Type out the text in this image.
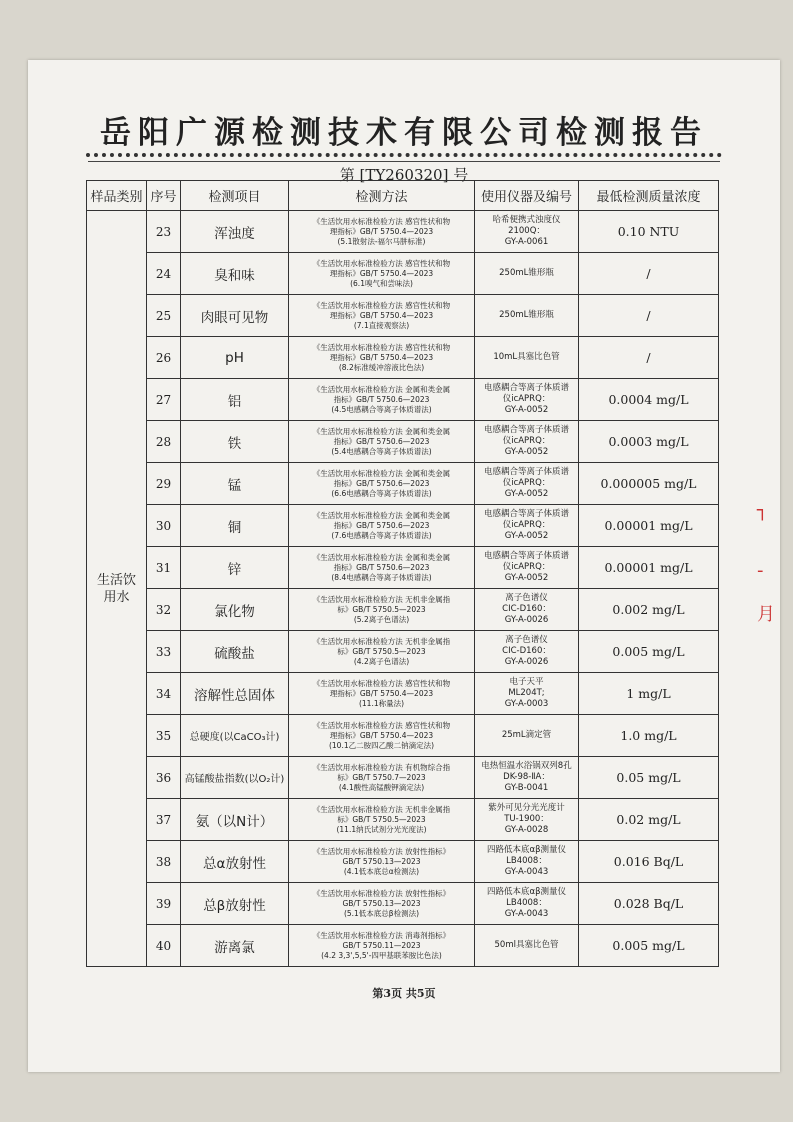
岳阳广源检测技术有限公司检测报告
第 [TY260320] 号
样品类别	序号	检测项目	检测方法	使用仪器及编号	最低检测质量浓度
生活饮用水	23	浑浊度	《生活饮用水标准检验方法 感官性状和物
理指标》GB/T 5750.4—2023
(5.1散射法-福尔马肼标准)	哈希便携式浊度仪
2100Q：
GY-A-0061	0.10 NTU
	24	臭和味	《生活饮用水标准检验方法 感官性状和物
理指标》GB/T 5750.4—2023
(6.1嗅气和尝味法)	250mL锥形瓶	/
	25	肉眼可见物	《生活饮用水标准检验方法 感官性状和物
理指标》GB/T 5750.4—2023
(7.1直接观察法)	250mL锥形瓶	/
	26	pH	《生活饮用水标准检验方法 感官性状和物
理指标》GB/T 5750.4—2023
(8.2标准缓冲溶液比色法)	10mL具塞比色管	/
	27	铝	《生活饮用水标准检验方法 金属和类金属
指标》GB/T 5750.6—2023
(4.5电感耦合等离子体质谱法)	电感耦合等离子体质谱
仪icAPRQ：
GY-A-0052	0.0004 mg/L
	28	铁	《生活饮用水标准检验方法 金属和类金属
指标》GB/T 5750.6—2023
(5.4电感耦合等离子体质谱法)	电感耦合等离子体质谱
仪icAPRQ：
GY-A-0052	0.0003 mg/L
	29	锰	《生活饮用水标准检验方法 金属和类金属
指标》GB/T 5750.6—2023
(6.6电感耦合等离子体质谱法)	电感耦合等离子体质谱
仪icAPRQ：
GY-A-0052	0.000005 mg/L
	30	铜	《生活饮用水标准检验方法 金属和类金属
指标》GB/T 5750.6—2023
(7.6电感耦合等离子体质谱法)	电感耦合等离子体质谱
仪icAPRQ：
GY-A-0052	0.00001 mg/L
	31	锌	《生活饮用水标准检验方法 金属和类金属
指标》GB/T 5750.6—2023
(8.4电感耦合等离子体质谱法)	电感耦合等离子体质谱
仪icAPRQ：
GY-A-0052	0.00001 mg/L
	32	氯化物	《生活饮用水标准检验方法 无机非金属指
标》GB/T 5750.5—2023
(5.2离子色谱法)	离子色谱仪
CIC-D160：
GY-A-0026	0.002 mg/L
	33	硫酸盐	《生活饮用水标准检验方法 无机非金属指
标》GB/T 5750.5—2023
(4.2离子色谱法)	离子色谱仪
CIC-D160：
GY-A-0026	0.005 mg/L
	34	溶解性总固体	《生活饮用水标准检验方法 感官性状和物
理指标》GB/T 5750.4—2023
(11.1称量法)	电子天平
ML204T;
GY-A-0003	1 mg/L
	35	总硬度(以CaCO₃计)	《生活饮用水标准检验方法 感官性状和物
理指标》GB/T 5750.4—2023
(10.1乙二胺四乙酸二钠滴定法)	25mL滴定管	1.0 mg/L
	36	高锰酸盐指数(以O₂计)	《生活饮用水标准检验方法 有机物综合指
标》GB/T 5750.7—2023
(4.1酸性高锰酸钾滴定法)	电热恒温水浴锅双列8孔
DK-98-ⅡA：
GY-B-0041	0.05 mg/L
	37	氨（以N计）	《生活饮用水标准检验方法 无机非金属指
标》GB/T 5750.5—2023
(11.1纳氏试剂分光光度法)	紫外可见分光光度计
TU-1900：
GY-A-0028	0.02 mg/L
	38	总α放射性	《生活饮用水标准检验方法 放射性指标》
GB/T 5750.13—2023
(4.1低本底总α检测法)	四路低本底αβ测量仪
LB4008：
GY-A-0043	0.016 Bq/L
	39	总β放射性	《生活饮用水标准检验方法 放射性指标》
GB/T 5750.13—2023
(5.1低本底总β检测法)	四路低本底αβ测量仪
LB4008：
GY-A-0043	0.028 Bq/L
	40	游离氯	《生活饮用水标准检验方法 消毒剂指标》
GB/T 5750.11—2023
(4.2 3,3',5,5'-四甲基联苯胺比色法)	50ml具塞比色管	0.005 mg/L
第3页 共5页
┐
-
月
